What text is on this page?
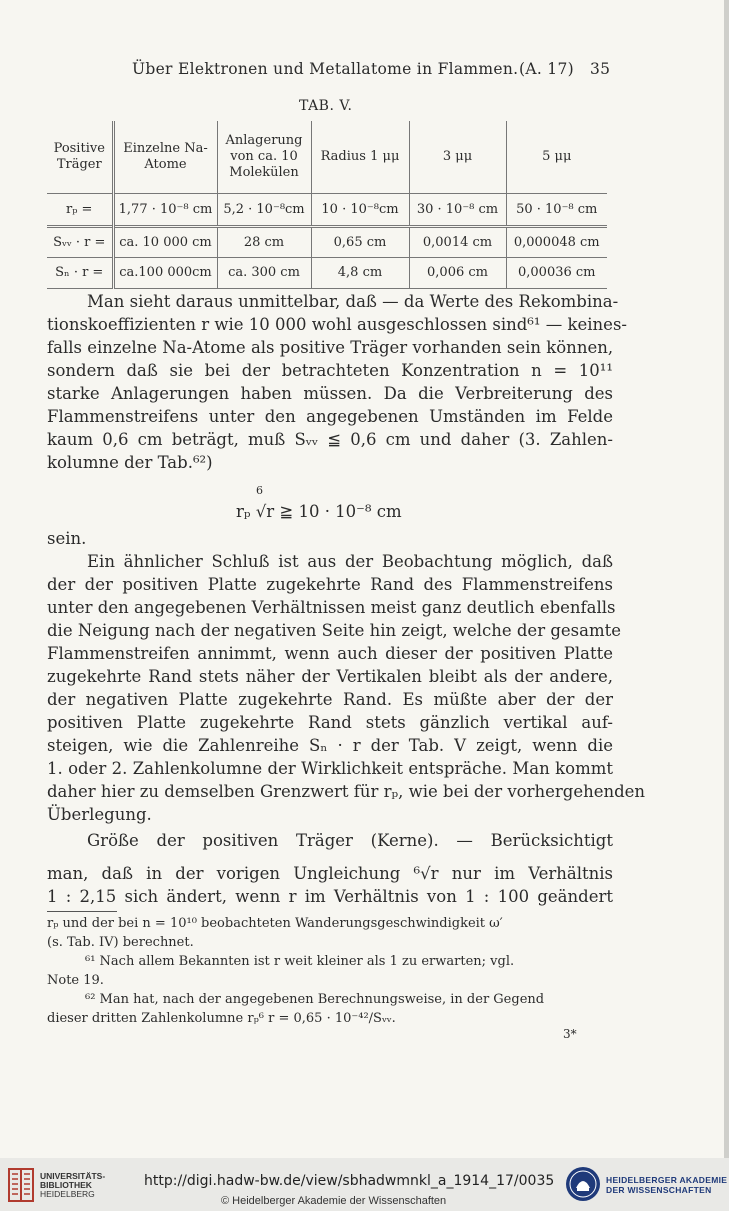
Über Elektronen und Metallatome in Flammen. (A. 17) 35
TAB. V.
Positive Träger	Einzelne Na-Atome	Anlagerung von ca. 10 Molekülen	Radius 1 μμ	3 μμ	5 μμ
rₚ =	1,77 · 10⁻⁸ cm	5,2 · 10⁻⁸cm	10 · 10⁻⁸cm	30 · 10⁻⁸ cm	50 · 10⁻⁸ cm
Sᵥᵥ · r =	ca. 10 000 cm	28 cm	0,65 cm	0,0014 cm	0,000048 cm
Sₙ · r =	ca.100 000cm	ca. 300 cm	4,8 cm	0,006 cm	0,00036 cm
Man sieht daraus unmittelbar, daß — da Werte des Rekombina-
tionskoeffizienten r wie 10 000 wohl ausgeschlossen sind⁶¹ — keines-
falls einzelne Na-Atome als positive Träger vorhanden sein können,
sondern daß sie bei der betrachteten Konzentration n = 10¹¹
starke Anlagerungen haben müssen. Da die Verbreiterung des
Flammenstreifens unter den angegebenen Umständen im Felde
kaum 0,6 cm beträgt, muß Sᵥᵥ ≦ 0,6 cm und daher (3. Zahlen-
kolumne der Tab.⁶²)
6
rₚ √r ≧ 10 · 10⁻⁸ cm
sein.
Ein ähnlicher Schluß ist aus der Beobachtung möglich, daß
der der positiven Platte zugekehrte Rand des Flammenstreifens
unter den angegebenen Verhältnissen meist ganz deutlich ebenfalls
die Neigung nach der negativen Seite hin zeigt, welche der gesamte
Flammenstreifen annimmt, wenn auch dieser der positiven Platte
zugekehrte Rand stets näher der Vertikalen bleibt als der andere,
der negativen Platte zugekehrte Rand. Es müßte aber der der
positiven Platte zugekehrte Rand stets gänzlich vertikal auf-
steigen, wie die Zahlenreihe Sₙ · r der Tab. V zeigt, wenn die
1. oder 2. Zahlenkolumne der Wirklichkeit entspräche. Man kommt
daher hier zu demselben Grenzwert für rₚ, wie bei der vorhergehenden
Überlegung.
Größe der positiven Träger (Kerne). — Berücksichtigt
man, daß in der vorigen Ungleichung ⁶√r nur im Verhältnis
1 : 2,15 sich ändert, wenn r im Verhältnis von 1 : 100 geändert
rₚ und der bei n = 10¹⁰ beobachteten Wanderungsgeschwindigkeit ω′
(s. Tab. IV) berechnet.
⁶¹ Nach allem Bekannten ist r weit kleiner als 1 zu erwarten; vgl.
Note 19.
⁶² Man hat, nach der angegebenen Berechnungsweise, in der Gegend
dieser dritten Zahlenkolumne rₚ⁶ r = 0,65 · 10⁻⁴²/Sᵥᵥ.
3*
UNIVERSITÄTS-
BIBLIOTHEK
HEIDELBERG
http://digi.hadw-bw.de/view/sbhadwmnkl_a_1914_17/0035
© Heidelberger Akademie der Wissenschaften
HEIDELBERGER AKADEMIE
DER WISSENSCHAFTEN
